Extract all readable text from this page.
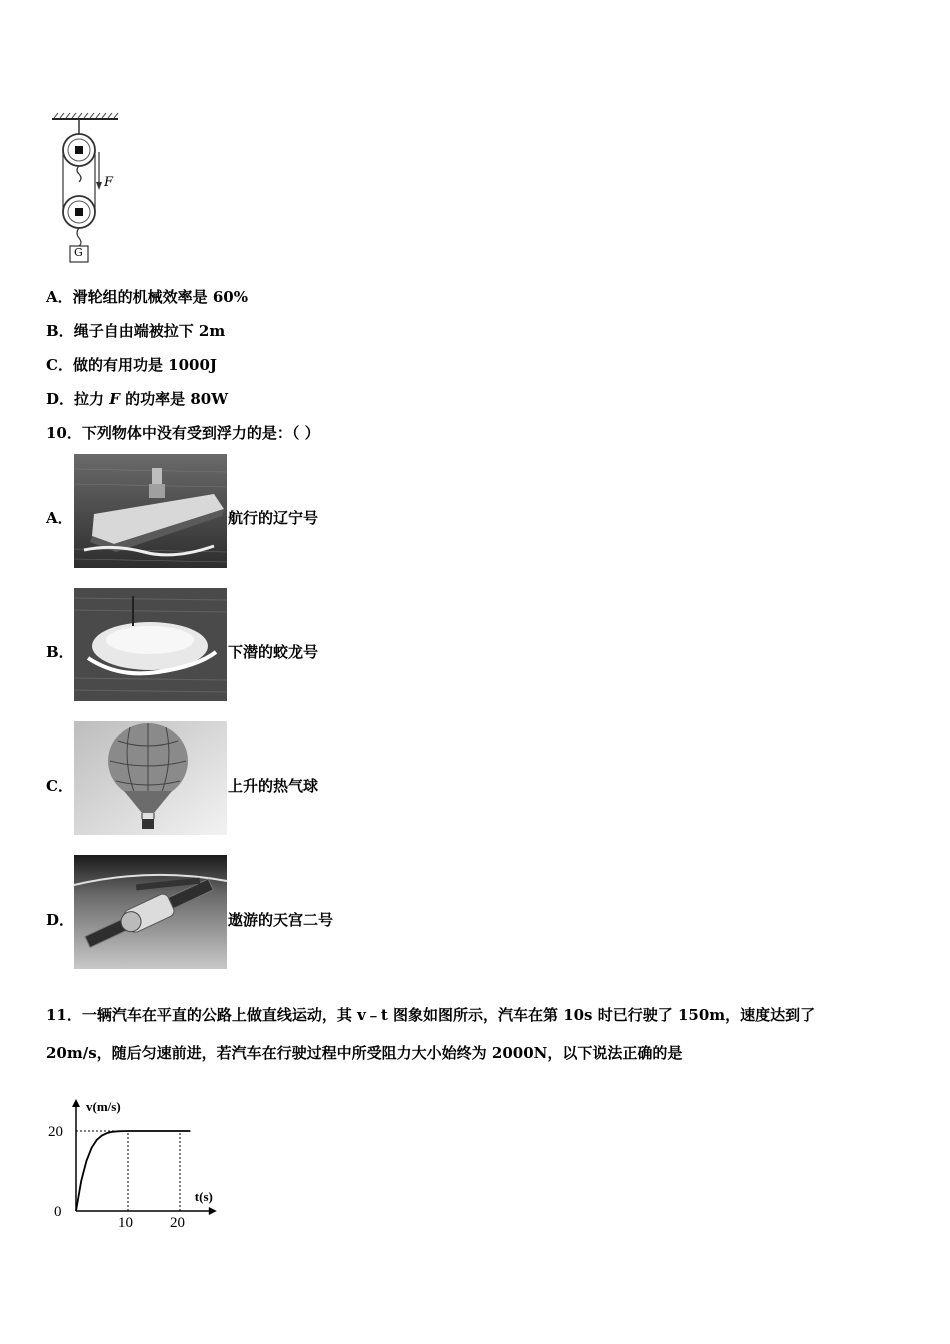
F
G
A．滑轮组的机械效率是 60%
B．绳子自由端被拉下 2m
C．做的有用功是 1000J
D．拉力 F 的功率是 80W
10．下列物体中没有受到浮力的是：（ ）
A．	航行的辽宁号
B．	下潜的蛟龙号
C．	上升的热气球
D．	遨游的天宫二号
11．一辆汽车在平直的公路上做直线运动，其 v﹣t 图象如图所示，汽车在第 10s 时已行驶了 150m，速度达到了
20m/s，随后匀速前进，若汽车在行驶过程中所受阻力大小始终为 2000N，以下说法正确的是
20
0
10 20
v(m/s)
t(s)
